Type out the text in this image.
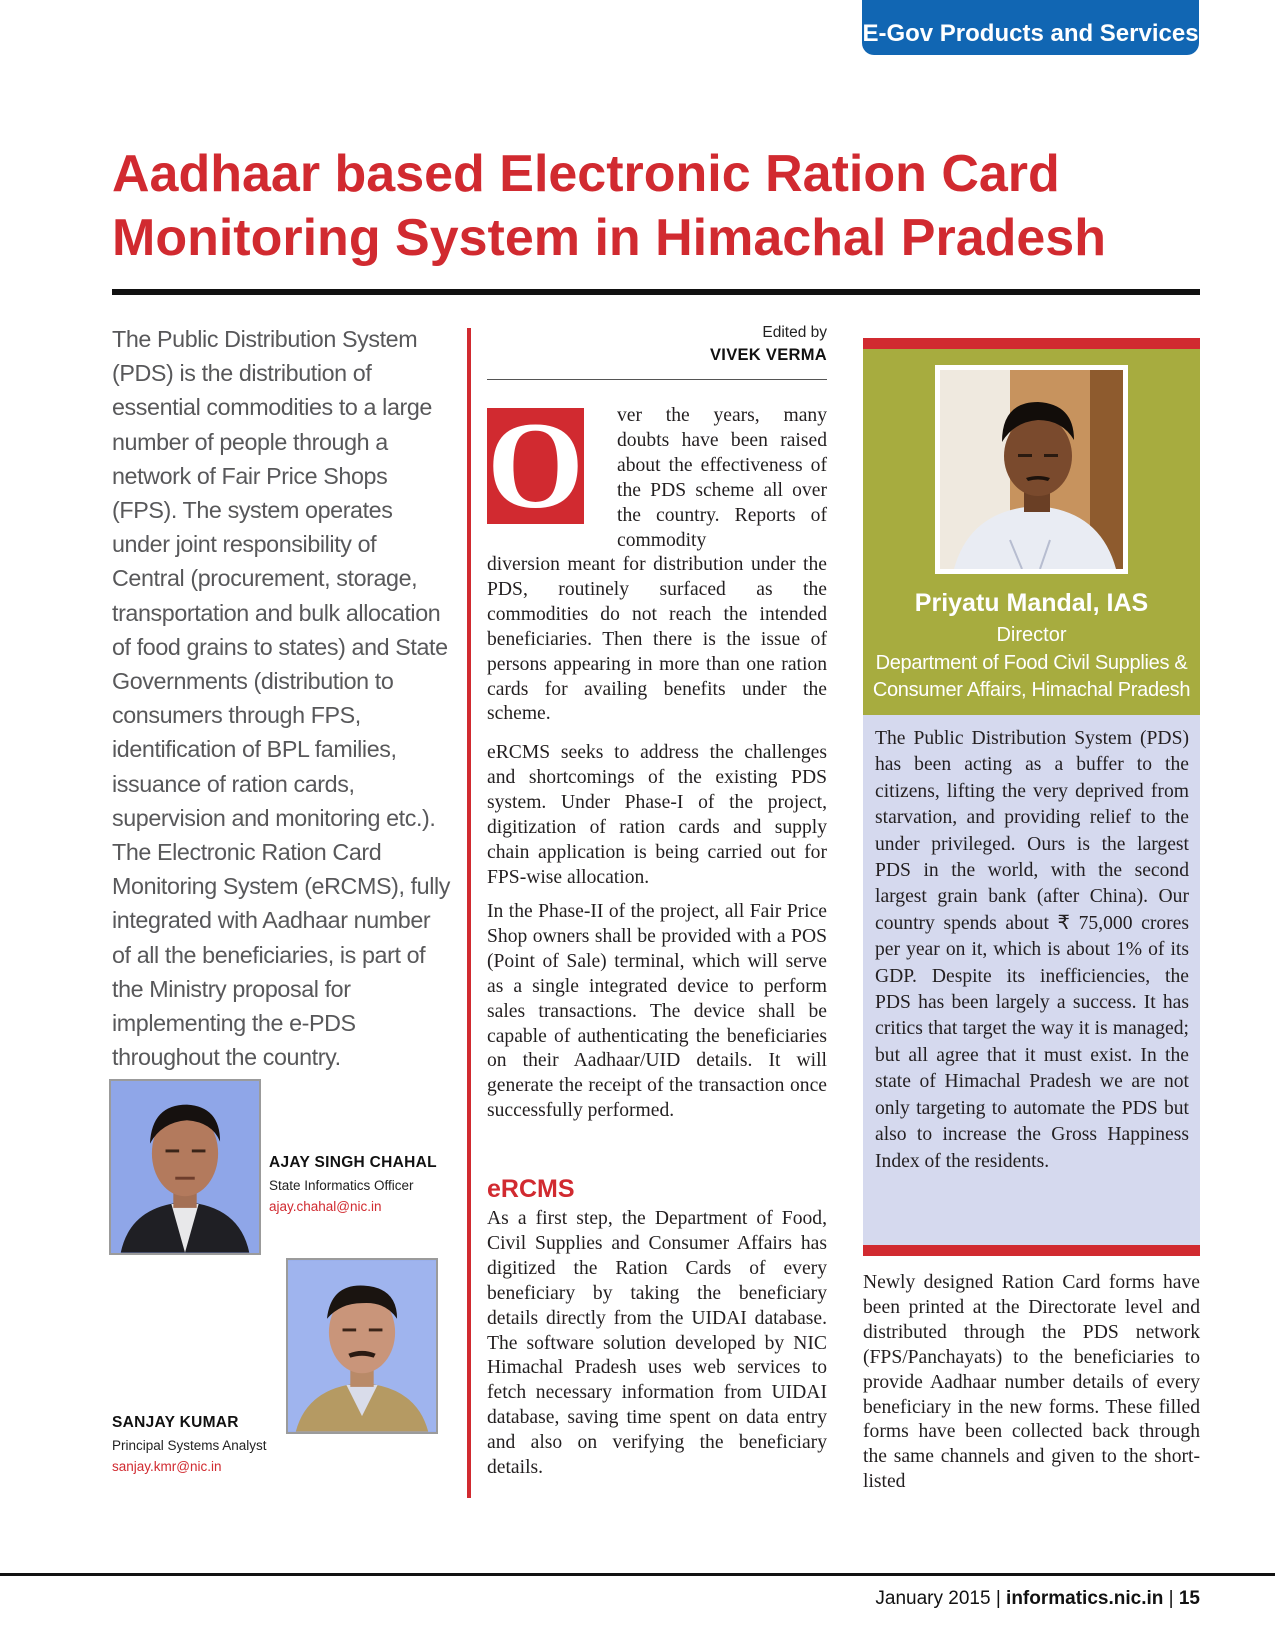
E-Gov Products and Services
Aadhaar based Electronic Ration Card
Monitoring System in Himachal Pradesh

The Public Distribution System (PDS) is the distribution of essential commodities to a large number of people through a network of Fair Price Shops (FPS). The system operates under joint responsibility of Central (procurement, storage, transportation and bulk allocation of food grains to states) and State Governments (distribution to consumers through FPS, identification of BPL families, issuance of ration cards, supervision and monitoring etc.). The Electronic Ration Card Monitoring System (eRCMS), fully integrated with Aadhaar number of all the beneficiaries, is part of the Ministry proposal for implementing the e-PDS throughout the country.

AJAY SINGH CHAHAL
State Informatics Officer
ajay.chahal@nic.in
SANJAY KUMAR
Principal Systems Analyst
sanjay.kmr@nic.in
Edited by
VIVEK VERMA
O ver the years, many doubts have been raised about the effectiveness of the PDS scheme all over the country. Reports of commodity

diversion meant for distribution under the PDS, routinely surfaced as the commodities do not reach the intended beneficiaries. Then there is the issue of persons appearing in more than one ration cards for availing benefits under the scheme.

eRCMS seeks to address the challenges and shortcomings of the existing PDS system. Under Phase-I of the project, digitization of ration cards and supply chain application is being carried out for FPS-wise allocation.

In the Phase-II of the project, all Fair Price Shop owners shall be provided with a POS (Point of Sale) terminal, which will serve as a single integrated device to perform sales transactions. The device shall be capable of authenticating the beneficiaries on their Aadhaar/UID details. It will generate the receipt of the transaction once successfully performed.

eRCMS

As a first step, the Department of Food, Civil Supplies and Consumer Affairs has digitized the Ration Cards of every beneficiary by taking the beneficiary details directly from the UIDAI database. The software solution developed by NIC Himachal Pradesh uses web services to fetch necessary information from UIDAI database, saving time spent on data entry and also on verifying the beneficiary details.

Priyatu Mandal, IAS
Director
Department of Food Civil Supplies &
Consumer Affairs, Himachal Pradesh

The Public Distribution System (PDS) has been acting as a buffer to the citizens, lifting the very deprived from starvation, and providing relief to the under privileged. Ours is the largest PDS in the world, with the second largest grain bank (after China). Our country spends about ₹ 75,000 crores per year on it, which is about 1% of its GDP. Despite its inefficiencies, the PDS has been largely a success. It has critics that target the way it is managed; but all agree that it must exist. In the state of Himachal Pradesh we are not only targeting to automate the PDS but also to increase the Gross Happiness Index of the residents.

Newly designed Ration Card forms have been printed at the Directorate level and distributed through the PDS network (FPS/Panchayats) to the beneficiaries to provide Aadhaar number details of every beneficiary in the new forms. These filled forms have been collected back through the same channels and given to the short-listed

January 2015 | informatics.nic.in | 15
